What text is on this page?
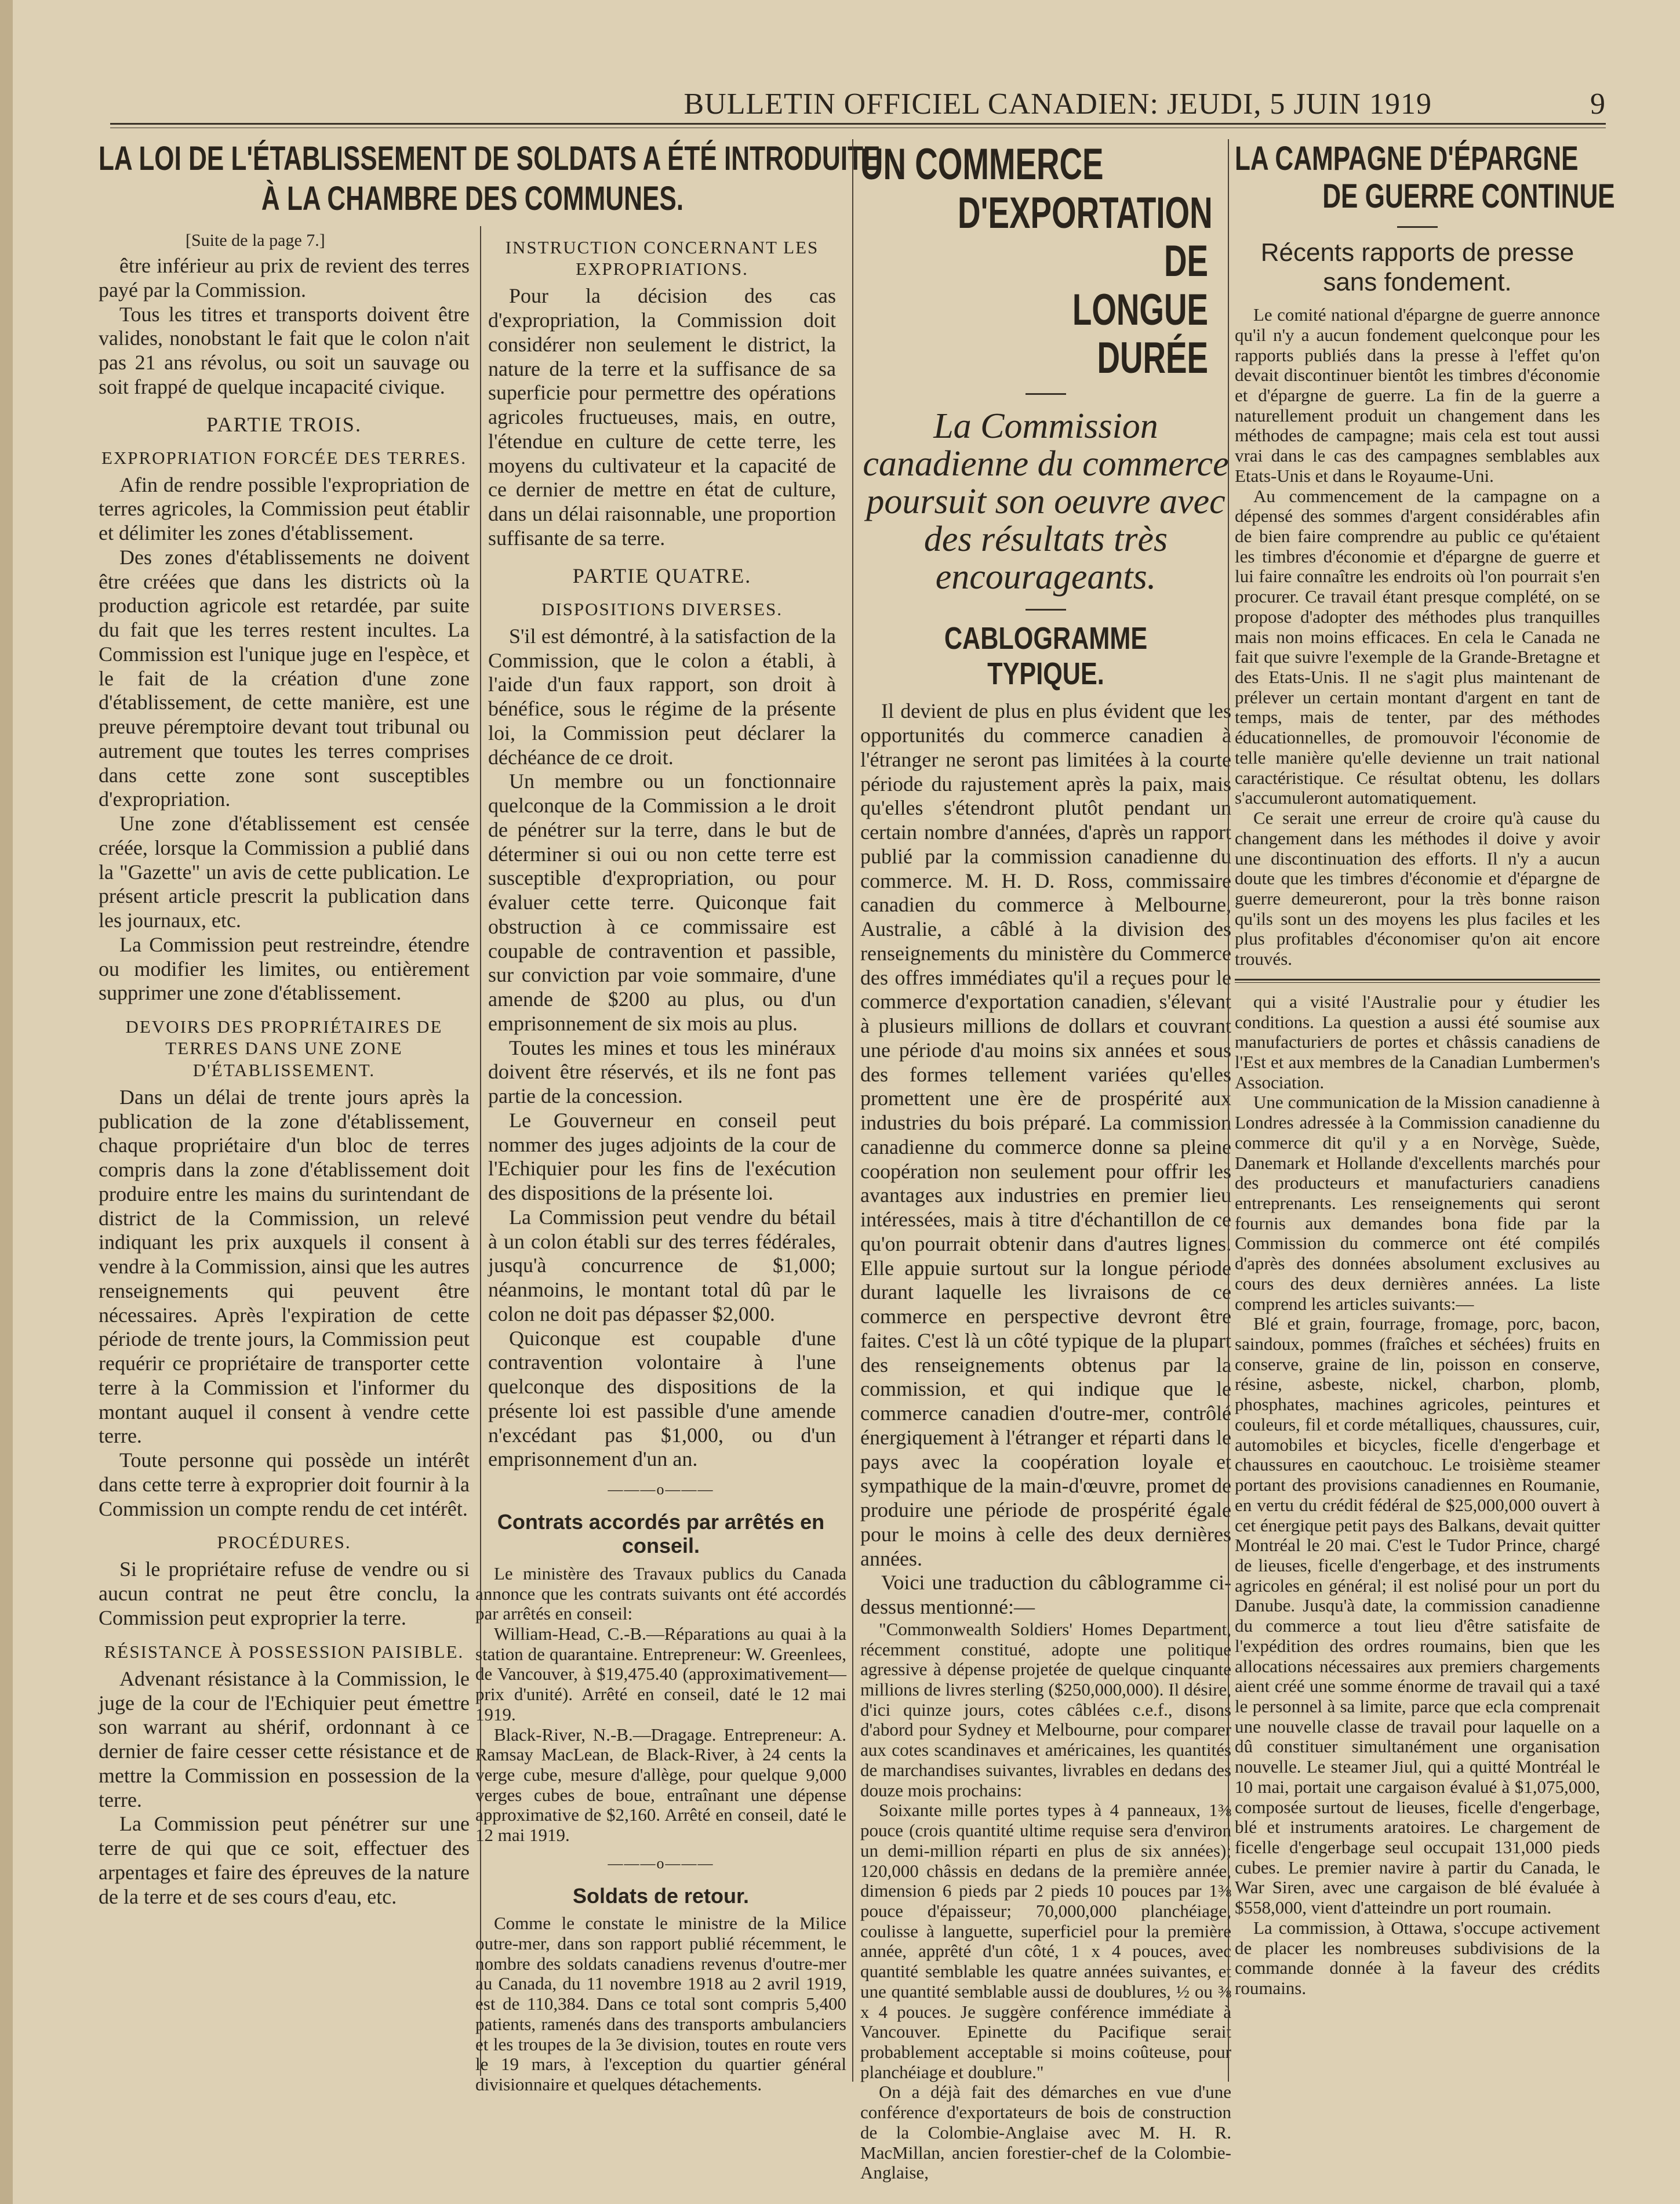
BULLETIN OFFICIEL CANADIEN: JEUDI, 5 JUIN 1919	9
LA LOI DE L'ÉTABLISSEMENT DE SOLDATS A ÉTÉ INTRODUITE
À LA CHAMBRE DES COMMUNES.
[Suite de la page 7.]
être inférieur au prix de revient des terres payé par la Commission.
Tous les titres et transports doivent être valides, nonobstant le fait que le colon n'ait pas 21 ans révolus, ou soit un sauvage ou soit frappé de quelque incapacité civique.
PARTIE TROIS.
EXPROPRIATION FORCÉE DES TERRES.
Afin de rendre possible l'expropriation de terres agricoles, la Commission peut établir et délimiter les zones d'établissement.
Des zones d'établissements ne doivent être créées que dans les districts où la production agricole est retardée, par suite du fait que les terres restent incultes. La Commission est l'unique juge en l'espèce, et le fait de la création d'une zone d'établissement, de cette manière, est une preuve péremptoire devant tout tribunal ou autrement que toutes les terres comprises dans cette zone sont susceptibles d'expropriation.
Une zone d'établissement est censée créée, lorsque la Commission a publié dans la "Gazette" un avis de cette publication. Le présent article prescrit la publication dans les journaux, etc.
La Commission peut restreindre, étendre ou modifier les limites, ou entièrement supprimer une zone d'établissement.
DEVOIRS DES PROPRIÉTAIRES DE TERRES DANS UNE ZONE D'ÉTABLISSEMENT.
Dans un délai de trente jours après la publication de la zone d'établissement, chaque propriétaire d'un bloc de terres compris dans la zone d'établissement doit produire entre les mains du surintendant de district de la Commission, un relevé indiquant les prix auxquels il consent à vendre à la Commission, ainsi que les autres renseignements qui peuvent être nécessaires. Après l'expiration de cette période de trente jours, la Commission peut requérir ce propriétaire de transporter cette terre à la Commission et l'informer du montant auquel il consent à vendre cette terre.
Toute personne qui possède un intérêt dans cette terre à exproprier doit fournir à la Commission un compte rendu de cet intérêt.
PROCÉDURES.
Si le propriétaire refuse de vendre ou si aucun contrat ne peut être conclu, la Commission peut exproprier la terre.
RÉSISTANCE À POSSESSION PAISIBLE.
Advenant résistance à la Commission, le juge de la cour de l'Echiquier peut émettre son warrant au shérif, ordonnant à ce dernier de faire cesser cette résistance et de mettre la Commission en possession de la terre.
La Commission peut pénétrer sur une terre de qui que ce soit, effectuer des arpentages et faire des épreuves de la nature de la terre et de ses cours d'eau, etc.
INSTRUCTION CONCERNANT LES EXPROPRIATIONS.
Pour la décision des cas d'expropriation, la Commission doit considérer non seulement le district, la nature de la terre et la suffisance de sa superficie pour permettre des opérations agricoles fructueuses, mais, en outre, l'étendue en culture de cette terre, les moyens du cultivateur et la capacité de ce dernier de mettre en état de culture, dans un délai raisonnable, une proportion suffisante de sa terre.
PARTIE QUATRE.
DISPOSITIONS DIVERSES.
S'il est démontré, à la satisfaction de la Commission, que le colon a établi, à l'aide d'un faux rapport, son droit à bénéfice, sous le régime de la présente loi, la Commission peut déclarer la déchéance de ce droit.
Un membre ou un fonctionnaire quelconque de la Commission a le droit de pénétrer sur la terre, dans le but de déterminer si oui ou non cette terre est susceptible d'expropriation, ou pour évaluer cette terre. Quiconque fait obstruction à ce commissaire est coupable de contravention et passible, sur conviction par voie sommaire, d'une amende de $200 au plus, ou d'un emprisonnement de six mois au plus.
Toutes les mines et tous les minéraux doivent être réservés, et ils ne font pas partie de la concession.
Le Gouverneur en conseil peut nommer des juges adjoints de la cour de l'Echiquier pour les fins de l'exécution des dispositions de la présente loi.
La Commission peut vendre du bétail à un colon établi sur des terres fédérales, jusqu'à concurrence de $1,000; néanmoins, le montant total dû par le colon ne doit pas dépasser $2,000.
Quiconque est coupable d'une contravention volontaire à l'une quelconque des dispositions de la présente loi est passible d'une amende n'excédant pas $1,000, ou d'un emprisonnement d'un an.
———o———
Contrats accordés par arrêtés en conseil.
Le ministère des Travaux publics du Canada annonce que les contrats suivants ont été accordés par arrêtés en conseil:
William-Head, C.-B.—Réparations au quai à la station de quarantaine. Entrepreneur: W. Greenlees, de Vancouver, à $19,475.40 (approximativement—prix d'unité). Arrêté en conseil, daté le 12 mai 1919.
Black-River, N.-B.—Dragage. Entrepreneur: A. Ramsay MacLean, de Black-River, à 24 cents la verge cube, mesure d'allège, pour quelque 9,000 verges cubes de boue, entraînant une dépense approximative de $2,160. Arrêté en conseil, daté le 12 mai 1919.
———o———
Soldats de retour.
Comme le constate le ministre de la Milice outre-mer, dans son rapport publié récemment, le nombre des soldats canadiens revenus d'outre-mer au Canada, du 11 novembre 1918 au 2 avril 1919, est de 110,384. Dans ce total sont compris 5,400 patients, ramenés dans des transports ambulanciers et les troupes de la 3e division, toutes en route vers le 19 mars, à l'exception du quartier général divisionnaire et quelques détachements.
UN COMMERCE
D'EXPORTATION DE
LONGUE DURÉE
La Commission canadienne du commerce poursuit son oeuvre avec des résultats très encourageants.
CABLOGRAMME TYPIQUE.
Il devient de plus en plus évident que les opportunités du commerce canadien à l'étranger ne seront pas limitées à la courte période du rajustement après la paix, mais qu'elles s'étendront plutôt pendant un certain nombre d'années, d'après un rapport publié par la commission canadienne du commerce. M. H. D. Ross, commissaire canadien du commerce à Melbourne, Australie, a câblé à la division des renseignements du ministère du Commerce des offres immédiates qu'il a reçues pour le commerce d'exportation canadien, s'élevant à plusieurs millions de dollars et couvrant une période d'au moins six années et sous des formes tellement variées qu'elles promettent une ère de prospérité aux industries du bois préparé. La commission canadienne du commerce donne sa pleine coopération non seulement pour offrir les avantages aux industries en premier lieu intéressées, mais à titre d'échantillon de ce qu'on pourrait obtenir dans d'autres lignes. Elle appuie surtout sur la longue période durant laquelle les livraisons de ce commerce en perspective devront être faites. C'est là un côté typique de la plupart des renseignements obtenus par la commission, et qui indique que le commerce canadien d'outre-mer, contrôlé énergiquement à l'étranger et réparti dans le pays avec la coopération loyale et sympathique de la main-d'œuvre, promet de produire une période de prospérité égale pour le moins à celle des deux dernières années.
Voici une traduction du câblogramme ci-dessus mentionné:—
"Commonwealth Soldiers' Homes Department, récemment constitué, adopte une politique agressive à dépense projetée de quelque cinquante millions de livres sterling ($250,000,000). Il désire, d'ici quinze jours, cotes câblées c.e.f., disons d'abord pour Sydney et Melbourne, pour comparer aux cotes scandinaves et américaines, les quantités de marchandises suivantes, livrables en dedans des douze mois prochains:
Soixante mille portes types à 4 panneaux, 1⅜ pouce (crois quantité ultime requise sera d'environ un demi-million réparti en plus de six années); 120,000 châssis en dedans de la première année, dimension 6 pieds par 2 pieds 10 pouces par 1⅜ pouce d'épaisseur; 70,000,000 planchéiage, coulisse à languette, superficiel pour la première année, apprêté d'un côté, 1 x 4 pouces, avec quantité semblable les quatre années suivantes, et une quantité semblable aussi de doublures, ½ ou ⅜ x 4 pouces. Je suggère conférence immédiate à Vancouver. Epinette du Pacifique serait probablement acceptable si moins coûteuse, pour planchéiage et doublure."
On a déjà fait des démarches en vue d'une conférence d'exportateurs de bois de construction de la Colombie-Anglaise avec M. H. R. MacMillan, ancien forestier-chef de la Colombie-Anglaise,
LA CAMPAGNE D'ÉPARGNE
DE GUERRE CONTINUE
Récents rapports de presse sans fondement.
Le comité national d'épargne de guerre annonce qu'il n'y a aucun fondement quelconque pour les rapports publiés dans la presse à l'effet qu'on devait discontinuer bientôt les timbres d'économie et d'épargne de guerre. La fin de la guerre a naturellement produit un changement dans les méthodes de campagne; mais cela est tout aussi vrai dans le cas des campagnes semblables aux Etats-Unis et dans le Royaume-Uni.
Au commencement de la campagne on a dépensé des sommes d'argent considérables afin de bien faire comprendre au public ce qu'étaient les timbres d'économie et d'épargne de guerre et lui faire connaître les endroits où l'on pourrait s'en procurer. Ce travail étant presque complété, on se propose d'adopter des méthodes plus tranquilles mais non moins efficaces. En cela le Canada ne fait que suivre l'exemple de la Grande-Bretagne et des Etats-Unis. Il ne s'agit plus maintenant de prélever un certain montant d'argent en tant de temps, mais de tenter, par des méthodes éducationnelles, de promouvoir l'économie de telle manière qu'elle devienne un trait national caractéristique. Ce résultat obtenu, les dollars s'accumuleront automatiquement.
Ce serait une erreur de croire qu'à cause du changement dans les méthodes il doive y avoir une discontinuation des efforts. Il n'y a aucun doute que les timbres d'économie et d'épargne de guerre demeureront, pour la très bonne raison qu'ils sont un des moyens les plus faciles et les plus profitables d'économiser qu'on ait encore trouvés.
qui a visité l'Australie pour y étudier les conditions. La question a aussi été soumise aux manufacturiers de portes et châssis canadiens de l'Est et aux membres de la Canadian Lumbermen's Association.
Une communication de la Mission canadienne à Londres adressée à la Commission canadienne du commerce dit qu'il y a en Norvège, Suède, Danemark et Hollande d'excellents marchés pour des producteurs et manufacturiers canadiens entreprenants. Les renseignements qui seront fournis aux demandes bona fide par la Commission du commerce ont été compilés d'après des données absolument exclusives au cours des deux dernières années. La liste comprend les articles suivants:—
Blé et grain, fourrage, fromage, porc, bacon, saindoux, pommes (fraîches et séchées) fruits en conserve, graine de lin, poisson en conserve, résine, asbeste, nickel, charbon, plomb, phosphates, machines agricoles, peintures et couleurs, fil et corde métalliques, chaussures, cuir, automobiles et bicycles, ficelle d'engerbage et chaussures en caoutchouc. Le troisième steamer portant des provisions canadiennes en Roumanie, en vertu du crédit fédéral de $25,000,000 ouvert à cet énergique petit pays des Balkans, devait quitter Montréal le 20 mai. C'est le Tudor Prince, chargé de lieuses, ficelle d'engerbage, et des instruments agricoles en général; il est nolisé pour un port du Danube. Jusqu'à date, la commission canadienne du commerce a tout lieu d'être satisfaite de l'expédition des ordres roumains, bien que les allocations nécessaires aux premiers chargements aient créé une somme énorme de travail qui a taxé le personnel à sa limite, parce que ecla comprenait une nouvelle classe de travail pour laquelle on a dû constituer simultanément une organisation nouvelle. Le steamer Jiul, qui a quitté Montréal le 10 mai, portait une cargaison évalué à $1,075,000, composée surtout de lieuses, ficelle d'engerbage, blé et instruments aratoires. Le chargement de ficelle d'engerbage seul occupait 131,000 pieds cubes. Le premier navire à partir du Canada, le War Siren, avec une cargaison de blé évaluée à $558,000, vient d'atteindre un port roumain.
La commission, à Ottawa, s'occupe activement de placer les nombreuses subdivisions de la commande donnée à la faveur des crédits roumains.
